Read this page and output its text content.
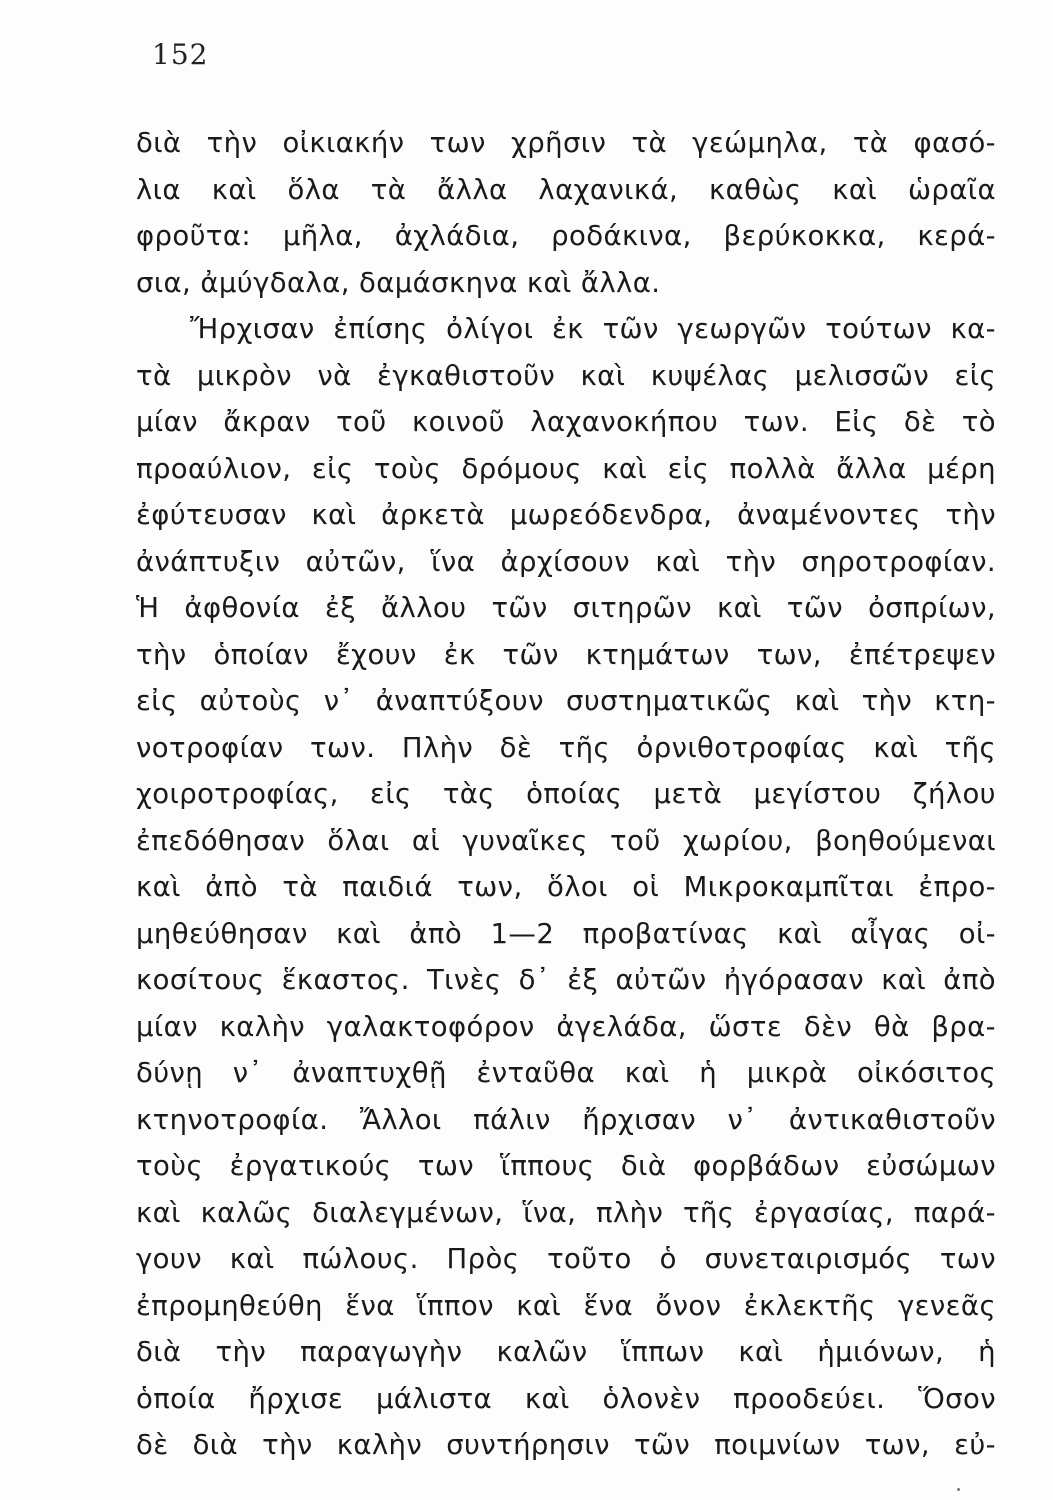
152
διὰ τὴν οἰκιακήν των χρῆσιν τὰ γεώμηλα, τὰ φασό-
λια καὶ ὅλα τὰ ἄλλα λαχανικά, καθὼς καὶ ὡραῖα
φροῦτα: μῆλα, ἀχλάδια, ροδάκινα, βερύκοκκα, κερά-
σια, ἀμύγδαλα, δαμάσκηνα καὶ ἄλλα.
Ἤρχισαν ἐπίσης ὀλίγοι ἐκ τῶν γεωργῶν τούτων κα-
τὰ μικρὸν νὰ ἐγκαθιστοῦν καὶ κυψέλας μελισσῶν εἰς
μίαν ἄκραν τοῦ κοινοῦ λαχανοκήπου των. Εἰς δὲ τὸ
προαύλιον, εἰς τοὺς δρόμους καὶ εἰς πολλὰ ἄλλα μέρη
ἐφύτευσαν καὶ ἀρκετὰ μωρεόδενδρα, ἀναμένοντες τὴν
ἀνάπτυξιν αὐτῶν, ἵνα ἀρχίσουν καὶ τὴν σηροτροφίαν.
Ἡ ἀφθονία ἐξ ἄλλου τῶν σιτηρῶν καὶ τῶν ὀσπρίων,
τὴν ὁποίαν ἔχουν ἐκ τῶν κτημάτων των, ἐπέτρεψεν
εἰς αὐτοὺς ν᾽ ἀναπτύξουν συστηματικῶς καὶ τὴν κτη-
νοτροφίαν των. Πλὴν δὲ τῆς ὀρνιθοτροφίας καὶ τῆς
χοιροτροφίας, εἰς τὰς ὁποίας μετὰ μεγίστου ζήλου
ἐπεδόθησαν ὅλαι αἱ γυναῖκες τοῦ χωρίου, βοηθούμεναι
καὶ ἀπὸ τὰ παιδιά των, ὅλοι οἱ Μικροκαμπῖται ἐπρο-
μηθεύθησαν καὶ ἀπὸ 1—2 προβατίνας καὶ αἶγας οἰ-
κοσίτους ἕκαστος. Τινὲς δ᾽ ἐξ αὐτῶν ἠγόρασαν καὶ ἀπὸ
μίαν καλὴν γαλακτοφόρον ἀγελάδα, ὥστε δὲν θὰ βρα-
δύνῃ ν᾽ ἀναπτυχθῇ ἐνταῦθα καὶ ἡ μικρὰ οἰκόσιτος
κτηνοτροφία. Ἄλλοι πάλιν ἤρχισαν ν᾽ ἀντικαθιστοῦν
τοὺς ἐργατικούς των ἵππους διὰ φορβάδων εὐσώμων
καὶ καλῶς διαλεγμένων, ἵνα, πλὴν τῆς ἐργασίας, παρά-
γουν καὶ πώλους. Πρὸς τοῦτο ὁ συνεταιρισμός των
ἐπρομηθεύθη ἕνα ἵππον καὶ ἕνα ὄνον ἐκλεκτῆς γενεᾶς
διὰ τὴν παραγωγὴν καλῶν ἵππων καὶ ἡμιόνων, ἡ
ὁποία ἤρχισε μάλιστα καὶ ὁλονὲν προοδεύει. Ὅσον
δὲ διὰ τὴν καλὴν συντήρησιν τῶν ποιμνίων των, εὐ-
